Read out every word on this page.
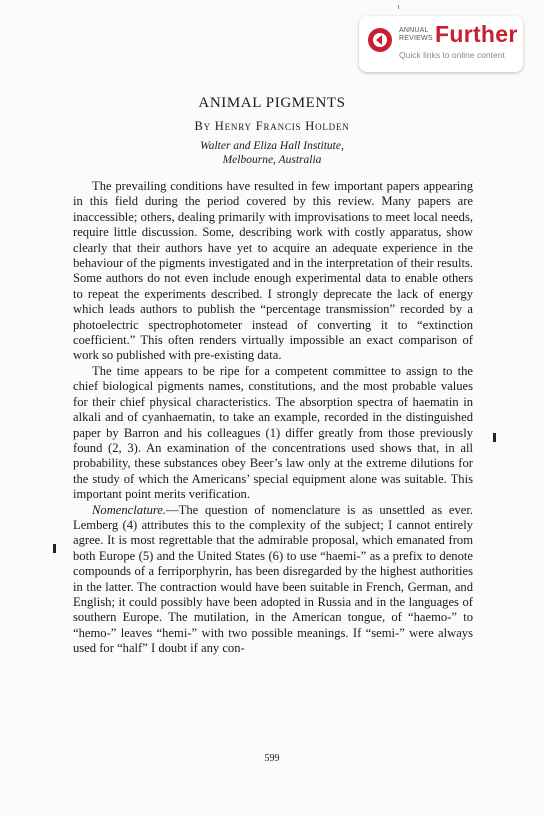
ANNUAL
REVIEWS Further
Quick links to online content
ANIMAL PIGMENTS
By Henry Francis Holden
Walter and Eliza Hall Institute,
Melbourne, Australia

The prevailing conditions have resulted in few important papers appearing in this field during the period covered by this review. Many papers are inaccessible; others, dealing primarily with improvisations to meet local needs, require little discussion. Some, describing work with costly apparatus, show clearly that their authors have yet to acquire an adequate experience in the behaviour of the pigments investigated and in the interpretation of their results. Some authors do not even include enough experimental data to enable others to repeat the experiments described. I strongly deprecate the lack of energy which leads authors to publish the “percentage transmission” recorded by a photoelectric spectrophotometer instead of converting it to “extinction coefficient.” This often renders virtually impossible an exact comparison of work so published with pre-existing data.

The time appears to be ripe for a competent committee to assign to the chief biological pigments names, constitutions, and the most probable values for their chief physical characteristics. The absorption spectra of haematin in alkali and of cyanhaematin, to take an example, recorded in the distinguished paper by Barron and his colleagues (1) differ greatly from those previously found (2, 3). An examination of the concentrations used shows that, in all probability, these substances obey Beer’s law only at the extreme dilutions for the study of which the Americans’ special equipment alone was suitable. This important point merits verification.

Nomenclature.—The question of nomenclature is as unsettled as ever. Lemberg (4) attributes this to the complexity of the subject; I cannot entirely agree. It is most regrettable that the admirable proposal, which emanated from both Europe (5) and the United States (6) to use “haemi-” as a prefix to denote compounds of a ferriporphyrin, has been disregarded by the highest authorities in the latter. The contraction would have been suitable in French, German, and English; it could possibly have been adopted in Russia and in the languages of southern Europe. The mutilation, in the American tongue, of “haemo-” to “hemo-” leaves “hemi-” with two possible meanings. If “semi-” were always used for “half” I doubt if any con-

599
